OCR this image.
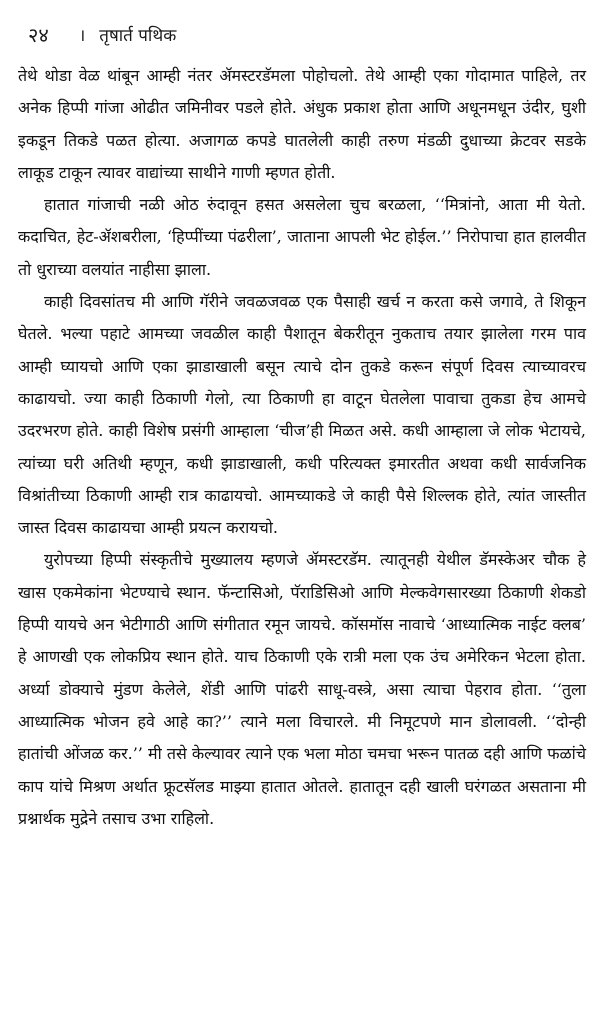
२४ । तृषार्त पथिक

तेथे थोडा वेळ थांबून आम्ही नंतर ॲमस्टरडॅमला पोहोचलो. तेथे आम्ही एका गोदामात पाहिले, तर अनेक हिप्पी गांजा ओढीत जमिनीवर पडले होते. अंधुक प्रकाश होता आणि अधूनमधून उंदीर, घुशी इकडून तिकडे पळत होत्या. अजागळ कपडे घातलेली काही तरुण मंडळी दुधाच्या क्रेटवर सडके लाकूड टाकून त्यावर वाद्यांच्या साथीने गाणी म्हणत होती.

हातात गांजाची नळी ओठ रुंदावून हसत असलेला चुच बरळला, ‘‘मित्रांनो, आता मी येतो. कदाचित, हेट-ॲशबरीला, ‘हिप्पींच्या पंढरीला’, जाताना आपली भेट होईल.’’ निरोपाचा हात हालवीत तो धुराच्या वलयांत नाहीसा झाला.

काही दिवसांतच मी आणि गॅरीने जवळजवळ एक पैसाही खर्च न करता कसे जगावे, ते शिकून घेतले. भल्या पहाटे आमच्या जवळील काही पैशातून बेकरीतून नुकताच तयार झालेला गरम पाव आम्ही घ्यायचो आणि एका झाडाखाली बसून त्याचे दोन तुकडे करून संपूर्ण दिवस त्याच्यावरच काढायचो. ज्या काही ठिकाणी गेलो, त्या ठिकाणी हा वाटून घेतलेला पावाचा तुकडा हेच आमचे उदरभरण होते. काही विशेष प्रसंगी आम्हाला ‘चीज’ही मिळत असे. कधी आम्हाला जे लोक भेटायचे, त्यांच्या घरी अतिथी म्हणून, कधी झाडाखाली, कधी परित्यक्त इमारतीत अथवा कधी सार्वजनिक विश्रांतीच्या ठिकाणी आम्ही रात्र काढायचो. आमच्याकडे जे काही पैसे शिल्लक होते, त्यांत जास्तीत जास्त दिवस काढायचा आम्ही प्रयत्न करायचो.

युरोपच्या हिप्पी संस्कृतीचे मुख्यालय म्हणजे ॲमस्टरडॅम. त्यातूनही येथील डॅमस्केअर चौक हे खास एकमेकांना भेटण्याचे स्थान. फॅन्टासिओ, पॅराडिसिओ आणि मेल्कवेगसारख्या ठिकाणी शेकडो हिप्पी यायचे अन भेटीगाठी आणि संगीतात रमून जायचे. कॉसमॉस नावाचे ‘आध्यात्मिक नाईट क्लब’ हे आणखी एक लोकप्रिय स्थान होते. याच ठिकाणी एके रात्री मला एक उंच अमेरिकन भेटला होता. अर्ध्या डोक्याचे मुंडण केलेले, शेंडी आणि पांढरी साधू-वस्त्रे, असा त्याचा पेहराव होता. ‘‘तुला आध्यात्मिक भोजन हवे आहे का?’’ त्याने मला विचारले. मी निमूटपणे मान डोलावली. ‘‘दोन्ही हातांची ओंजळ कर.’’ मी तसे केल्यावर त्याने एक भला मोठा चमचा भरून पातळ दही आणि फळांचे काप यांचे मिश्रण अर्थात फ्रूटसॅलड माझ्या हातात ओतले. हातातून दही खाली घरंगळत असताना मी प्रश्नार्थक मुद्रेने तसाच उभा राहिलो.
